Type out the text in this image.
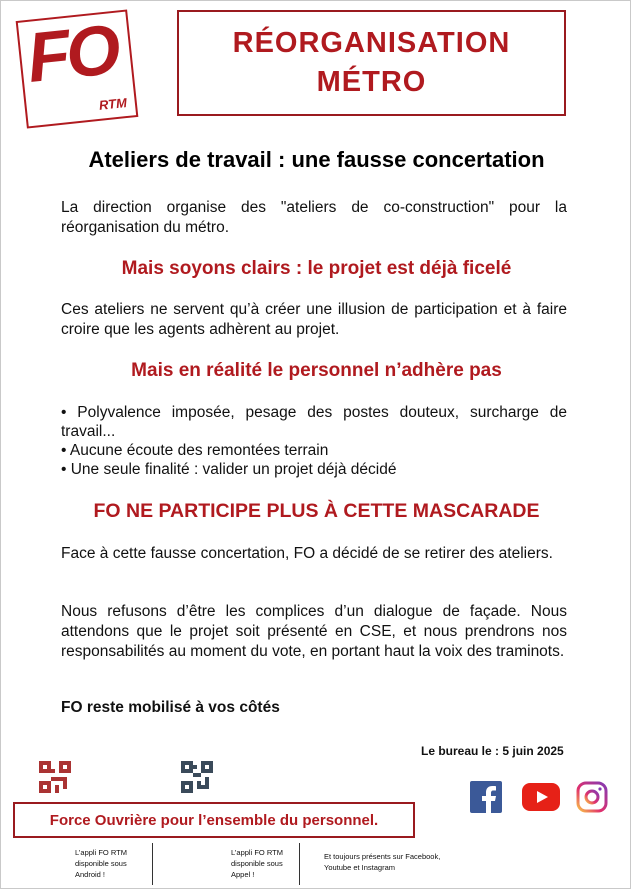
FO
RTM
RÉORGANISATION
MÉTRO
Ateliers de travail : une fausse concertation
La direction organise des "ateliers de co-construction" pour la réorganisation du métro.
Mais soyons clairs : le projet est déjà ficelé
Ces ateliers ne servent qu’à créer une illusion de participation et à faire croire que les agents adhèrent au projet.
Mais en réalité le personnel n’adhère pas
• Polyvalence imposée, pesage des postes douteux, surcharge de travail...
• Aucune écoute des remontées terrain
• Une seule finalité : valider un projet déjà décidé
FO NE PARTICIPE PLUS À CETTE MASCARADE
Face à cette fausse concertation, FO a décidé de se retirer des ateliers.
Nous refusons d’être les complices d’un dialogue de façade. Nous attendons que le projet soit présenté en CSE, et nous prendrons nos responsabilités au moment du vote, en portant haut la voix des traminots.
FO reste mobilisé à vos côtés
Le bureau le : 5 juin 2025
Force Ouvrière pour l’ensemble du personnel.
L’appli FO RTM
disponible sous
Android !
L’appli FO RTM
disponible sous
Appel !
Et toujours présents sur Facebook,
Youtube et Instagram
